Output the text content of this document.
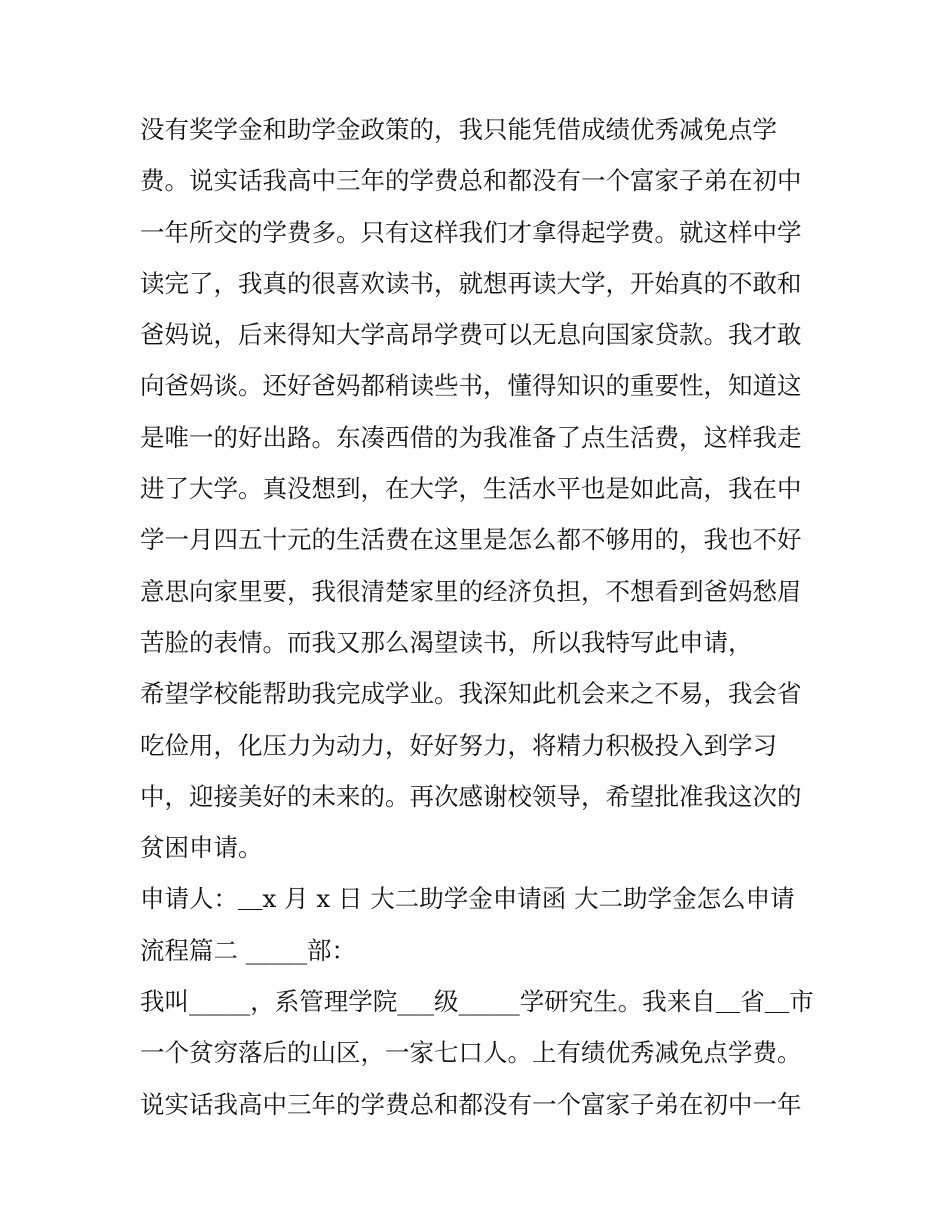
没有奖学金和助学金政策的，我只能凭借成绩优秀减免点学
费。说实话我高中三年的学费总和都没有一个富家子弟在初中
一年所交的学费多。只有这样我们才拿得起学费。就这样中学
读完了，我真的很喜欢读书，就想再读大学，开始真的不敢和
爸妈说，后来得知大学高昂学费可以无息向国家贷款。我才敢
向爸妈谈。还好爸妈都稍读些书，懂得知识的重要性，知道这
是唯一的好出路。东凑西借的为我准备了点生活费，这样我走
进了大学。真没想到，在大学，生活水平也是如此高，我在中
学一月四五十元的生活费在这里是怎么都不够用的，我也不好
意思向家里要，我很清楚家里的经济负担，不想看到爸妈愁眉
苦脸的表情。而我又那么渴望读书，所以我特写此申请，
希望学校能帮助我完成学业。我深知此机会来之不易，我会省
吃俭用，化压力为动力，好好努力，将精力积极投入到学习
中，迎接美好的未来的。再次感谢校领导，希望批准我这次的
贫困申请。
申请人：＿x 月 x 日 大二助学金申请函 大二助学金怎么申请
流程篇二 _____部：
我叫_____，系管理学院___级_____学研究生。我来自＿省＿市
一个贫穷落后的山区，一家七口人。上有绩优秀减免点学费。
说实话我高中三年的学费总和都没有一个富家子弟在初中一年
